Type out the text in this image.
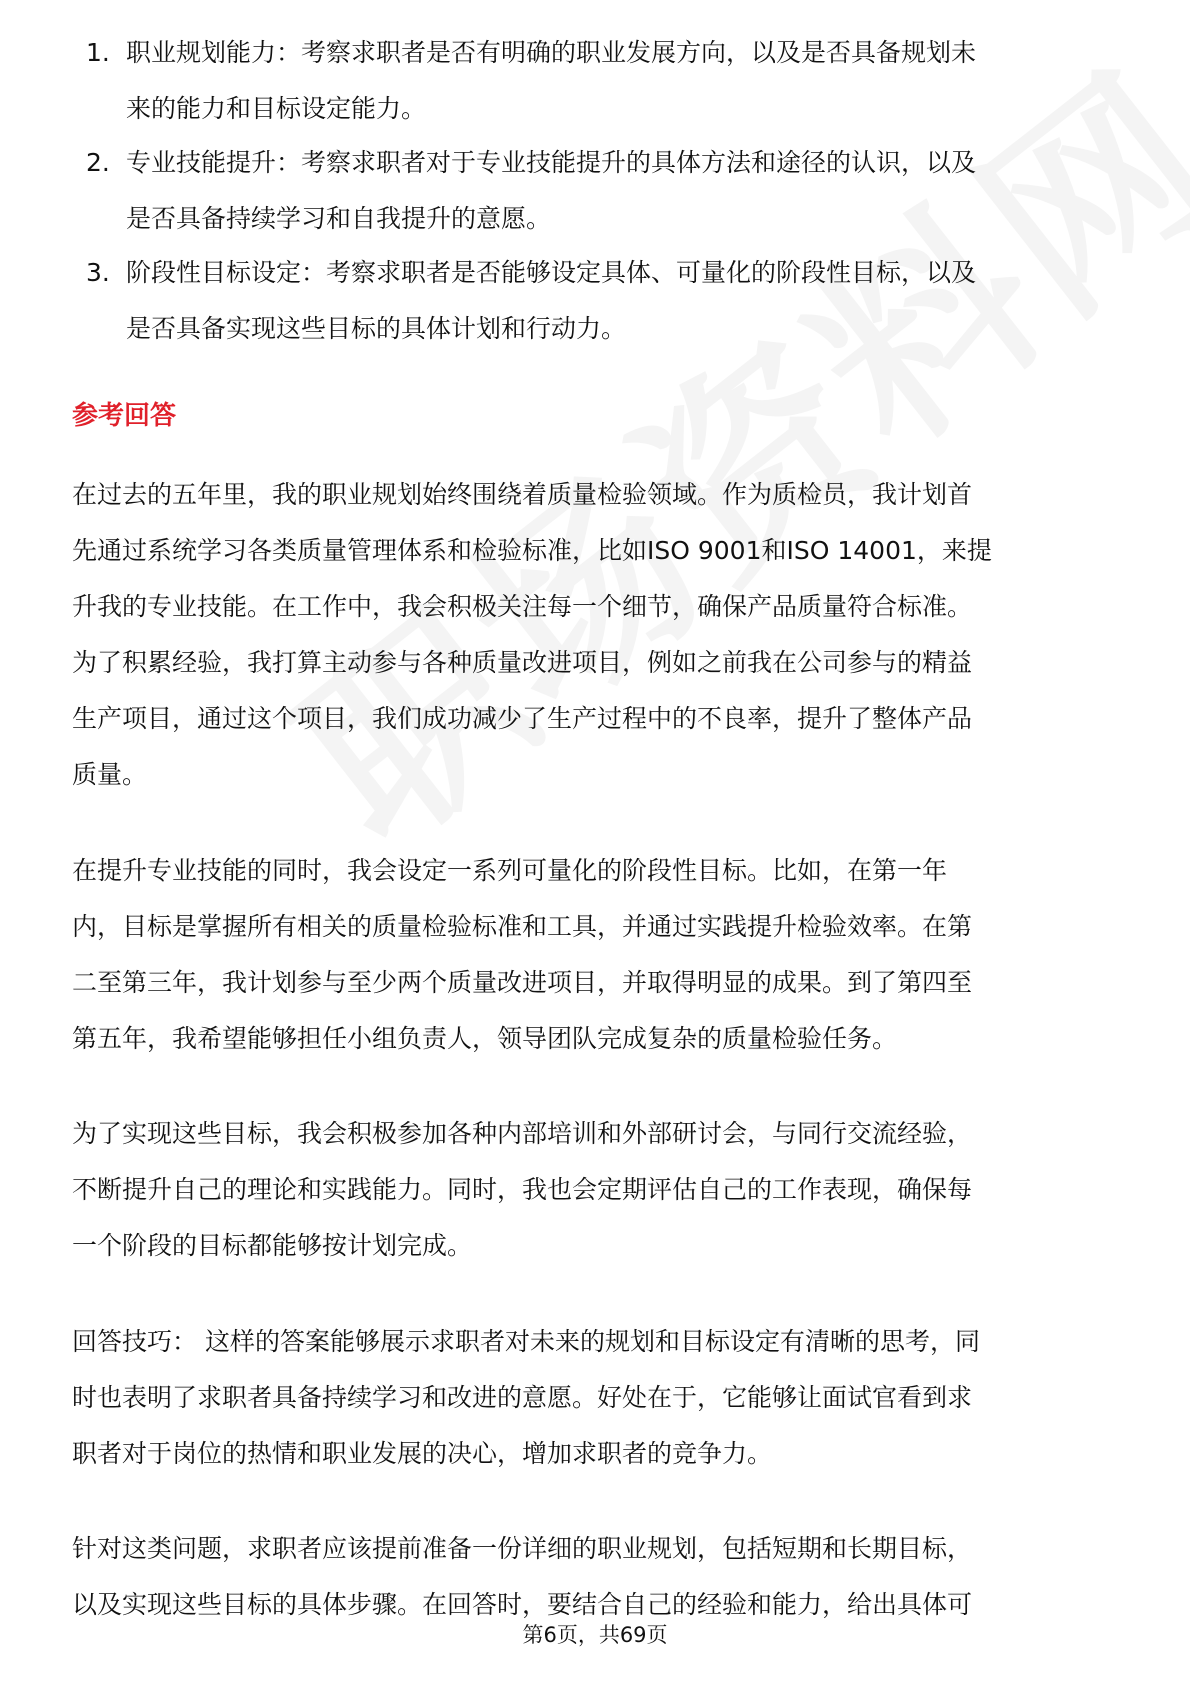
1. 职业规划能力：考察求职者是否有明确的职业发展方向，以及是否具备规划未
来的能力和目标设定能力。
2. 专业技能提升：考察求职者对于专业技能提升的具体方法和途径的认识，以及
是否具备持续学习和自我提升的意愿。
3. 阶段性目标设定：考察求职者是否能够设定具体、可量化的阶段性目标，以及
是否具备实现这些目标的具体计划和行动力。
参考回答
在过去的五年里，我的职业规划始终围绕着质量检验领域。作为质检员，我计划首
先通过系统学习各类质量管理体系和检验标准，比如ISO 9001和ISO 14001，来提
升我的专业技能。在工作中，我会积极关注每一个细节，确保产品质量符合标准。
为了积累经验，我打算主动参与各种质量改进项目，例如之前我在公司参与的精益
生产项目，通过这个项目，我们成功减少了生产过程中的不良率，提升了整体产品
质量。
在提升专业技能的同时，我会设定一系列可量化的阶段性目标。比如，在第一年
内，目标是掌握所有相关的质量检验标准和工具，并通过实践提升检验效率。在第
二至第三年，我计划参与至少两个质量改进项目，并取得明显的成果。到了第四至
第五年，我希望能够担任小组负责人，领导团队完成复杂的质量检验任务。
为了实现这些目标，我会积极参加各种内部培训和外部研讨会，与同行交流经验，
不断提升自己的理论和实践能力。同时，我也会定期评估自己的工作表现，确保每
一个阶段的目标都能够按计划完成。
回答技巧： 这样的答案能够展示求职者对未来的规划和目标设定有清晰的思考，同
时也表明了求职者具备持续学习和改进的意愿。好处在于，它能够让面试官看到求
职者对于岗位的热情和职业发展的决心，增加求职者的竞争力。
针对这类问题，求职者应该提前准备一份详细的职业规划，包括短期和长期目标，
以及实现这些目标的具体步骤。在回答时，要结合自己的经验和能力，给出具体可
第6页，共69页
